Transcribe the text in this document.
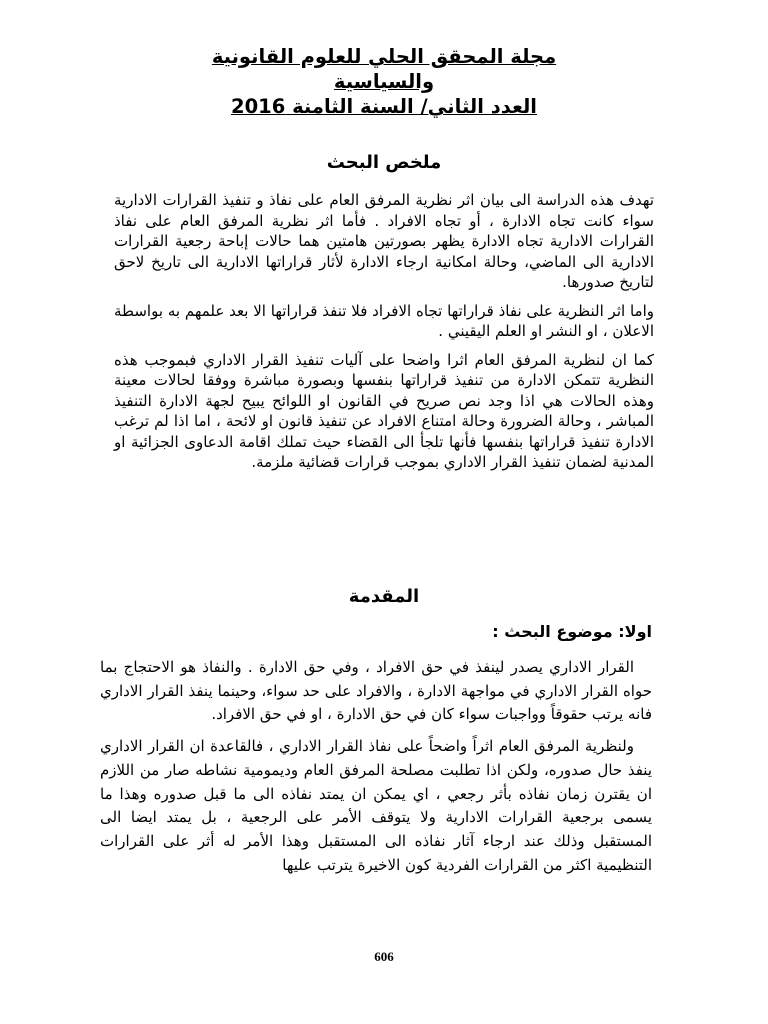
مجلة المحقق الحلي للعلوم القانونية
والسياسية
العدد الثاني/ السنة الثامنة 2016
ملخص البحث

تهدف هذه الدراسة الى بيان اثر نظرية المرفق العام على نفاذ و تنفيذ القرارات الادارية سواء كانت تجاه الادارة ، أو تجاه الافراد . فأما اثر نظرية المرفق العام على نفاذ القرارات الادارية تجاه الادارة يظهر بصورتين هامتين هما حالات إباحة رجعية القرارات الادارية الى الماضي، وحالة امكانية ارجاء الادارة لأثار قراراتها الادارية الى تاريخ لاحق لتاريخ صدورها.

واما اثر النظرية على نفاذ قراراتها تجاه الافراد فلا تنفذ قراراتها الا بعد علمهم به بواسطة الاعلان ، او النشر او العلم اليقيني .

كما ان لنظرية المرفق العام اثرا واضحا على آليات تنفيذ القرار الاداري فبموجب هذه النظرية تتمكن الادارة من تنفيذ قراراتها بنفسها وبصورة مباشرة ووفقا لحالات معينة وهذه الحالات هي اذا وجد نص صريح في القانون او اللوائح يبيح لجهة الادارة التنفيذ المباشر ، وحالة الضرورة وحالة امتناع الافراد عن تنفيذ قانون او لائحة ، اما اذا لم ترغب الادارة تنفيذ قراراتها بنفسها فأنها تلجأ الى القضاء حيث تملك اقامة الدعاوى الجزائية او المدنية لضمان تنفيذ القرار الاداري بموجب قرارات قضائية ملزمة.

المقدمة
اولا: موضوع البحث :

القرار الاداري يصدر لينفذ في حق الافراد ، وفي حق الادارة . والنفاذ هو الاحتجاج بما حواه القرار الاداري في مواجهة الادارة ، والافراد على حد سواء، وحينما ينفذ القرار الاداري فانه يرتب حقوقاً وواجبات سواء كان في حق الادارة ، او في حق الافراد.

ولنظرية المرفق العام اثراً واضحاً على نفاذ القرار الاداري ، فالقاعدة ان القرار الاداري ينفذ حال صدوره، ولكن اذا تطلبت مصلحة المرفق العام وديمومية نشاطه صار من اللازم ان يقترن زمان نفاذه بأثر رجعي ، اي يمكن ان يمتد نفاذه الى ما قبل صدوره وهذا ما يسمى برجعية القرارات الادارية ولا يتوقف الأمر على الرجعية ، بل يمتد ايضا الى المستقبل وذلك عند ارجاء آثار نفاذه الى المستقبل وهذا الأمر له أثر على القرارات التنظيمية اكثر من القرارات الفردية كون الاخيرة يترتب عليها

606
